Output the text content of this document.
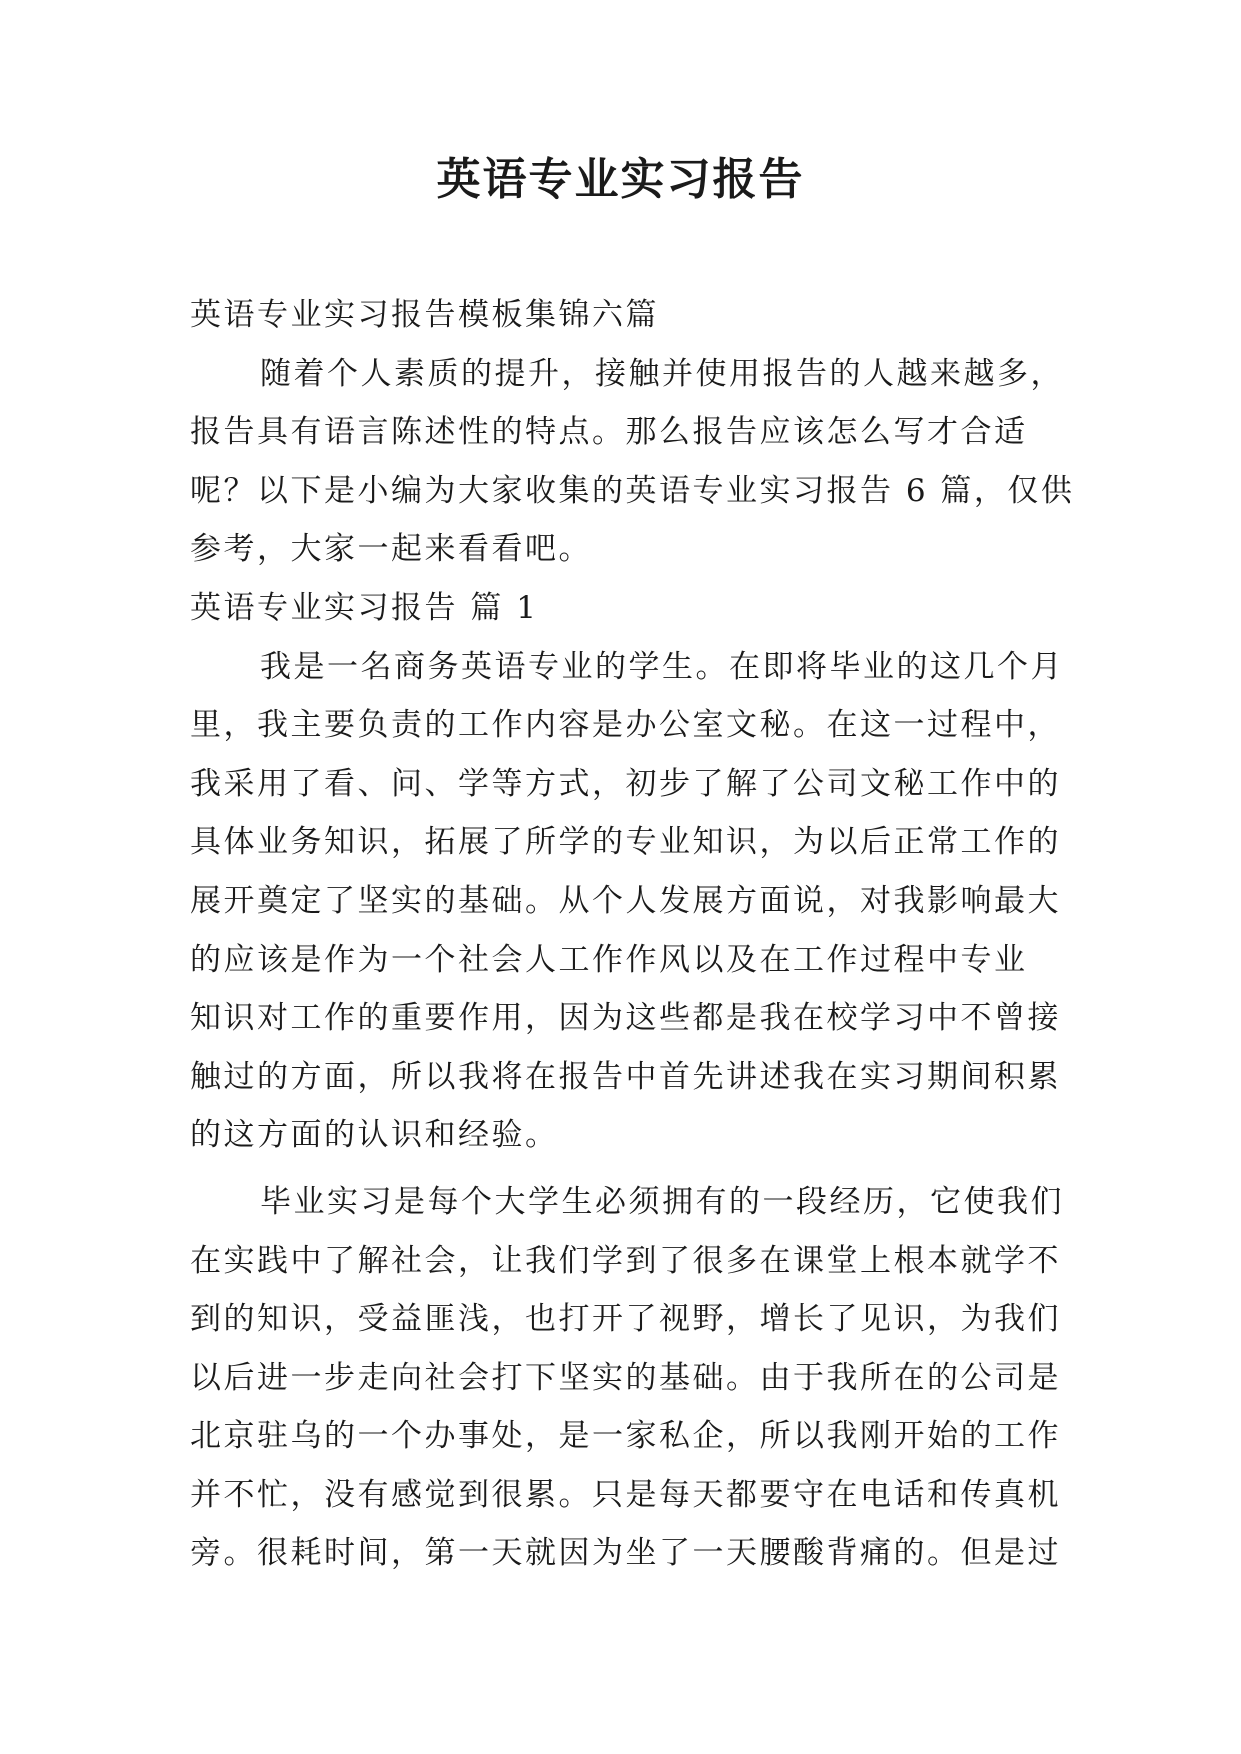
英语专业实习报告
英语专业实习报告模板集锦六篇
随着个人素质的提升，接触并使用报告的人越来越多，
报告具有语言陈述性的特点。那么报告应该怎么写才合适
呢？以下是小编为大家收集的英语专业实习报告 6 篇，仅供
参考，大家一起来看看吧。
英语专业实习报告 篇 1
我是一名商务英语专业的学生。在即将毕业的这几个月
里，我主要负责的工作内容是办公室文秘。在这一过程中，
我采用了看、问、学等方式，初步了解了公司文秘工作中的
具体业务知识，拓展了所学的专业知识，为以后正常工作的
展开奠定了坚实的基础。从个人发展方面说，对我影响最大
的应该是作为一个社会人工作作风以及在工作过程中专业
知识对工作的重要作用，因为这些都是我在校学习中不曾接
触过的方面，所以我将在报告中首先讲述我在实习期间积累
的这方面的认识和经验。
毕业实习是每个大学生必须拥有的一段经历，它使我们
在实践中了解社会，让我们学到了很多在课堂上根本就学不
到的知识，受益匪浅，也打开了视野，增长了见识，为我们
以后进一步走向社会打下坚实的基础。由于我所在的公司是
北京驻乌的一个办事处，是一家私企，所以我刚开始的工作
并不忙，没有感觉到很累。只是每天都要守在电话和传真机
旁。很耗时间，第一天就因为坐了一天腰酸背痛的。但是过
